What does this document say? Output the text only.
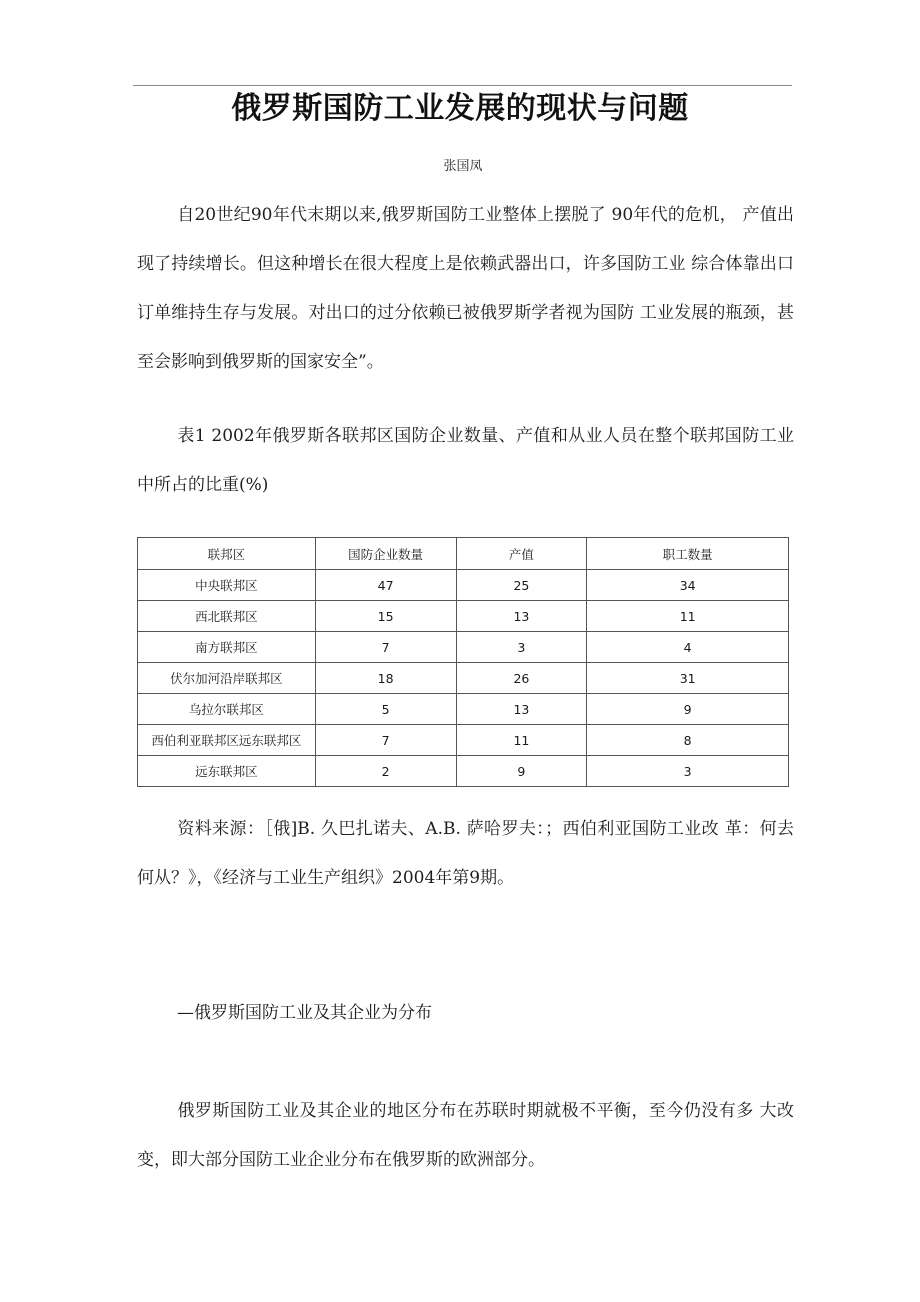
俄罗斯国防工业发展的现状与问题
张国凤

自20世纪90年代末期以来,俄罗斯国防工业整体上摆脱了 90年代的危机， 产值出现了持续增长。但这种增长在很大程度上是依赖武器出口，许多国防工业 综合体靠出口订单维持生存与发展。对出口的过分依赖已被俄罗斯学者视为国防 工业发展的瓶颈，甚至会影响到俄罗斯的国家安全”。

表1 2002年俄罗斯各联邦区国防企业数量、产值和从业人员在整个联邦国防工业中所占的比重(%)

联邦区	国防企业数量	产值	职工数量
中央联邦区	47	25	34
西北联邦区	15	13	11
南方联邦区	7	3	4
伏尔加河沿岸联邦区	18	26	31
乌拉尔联邦区	5	13	9
西伯利亚联邦区远东联邦区	7	11	8
远东联邦区	2	9	3

资料来源：［俄]B. 久巴扎诺夫、A.B. 萨哈罗夫：；西伯利亚国防工业改 革：何去何从？》，《经济与工业生产组织》2004年第9期。

—俄罗斯国防工业及其企业为分布

俄罗斯国防工业及其企业的地区分布在苏联时期就极不平衡，至今仍没有多 大改变，即大部分国防工业企业分布在俄罗斯的欧洲部分。
